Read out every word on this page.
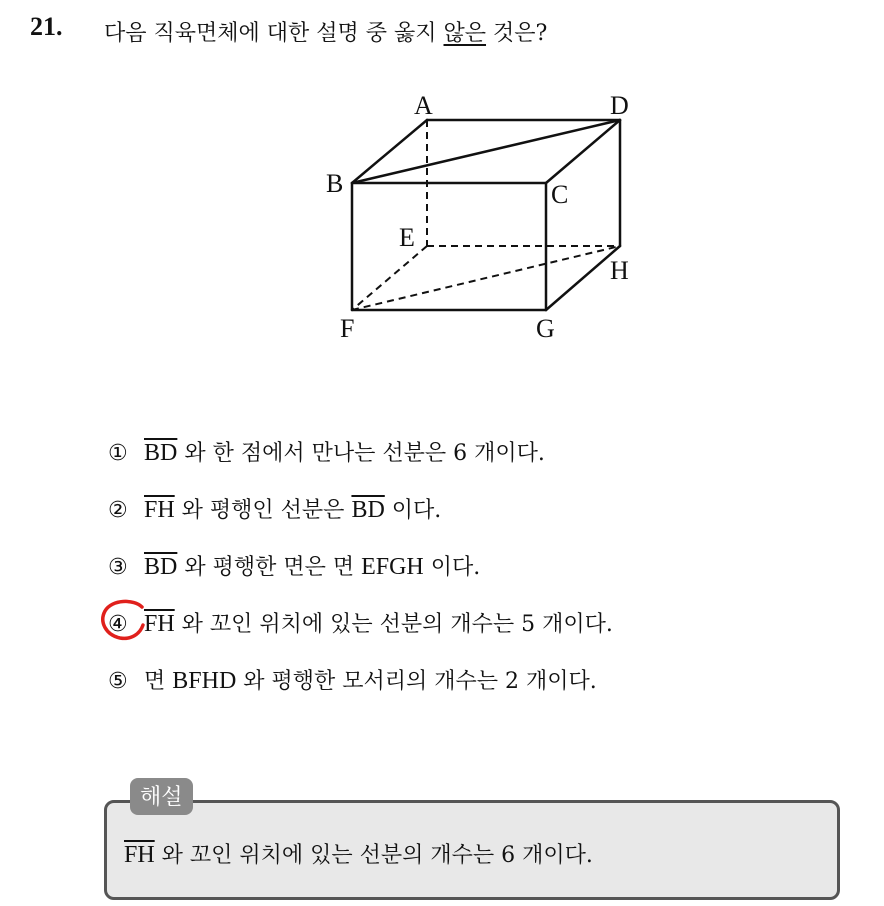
21. 다음 직육면체에 대한 설명 중 옳지 않은 것은?
A	D
B	C
E
H
F	G
① $\overline{BD}$ 와 한 점에서 만나는 선분은 6 개이다.
② $\overline{FH}$ 와 평행인 선분은 $\overline{BD}$ 이다.
③ $\overline{BD}$ 와 평행한 면은 면 EFGH 이다.
④ $\overline{FH}$ 와 꼬인 위치에 있는 선분의 개수는 5 개이다.
⑤ 면 BFHD 와 평행한 모서리의 개수는 2 개이다.
해설
$\overline{FH}$ 와 꼬인 위치에 있는 선분의 개수는 6 개이다.
